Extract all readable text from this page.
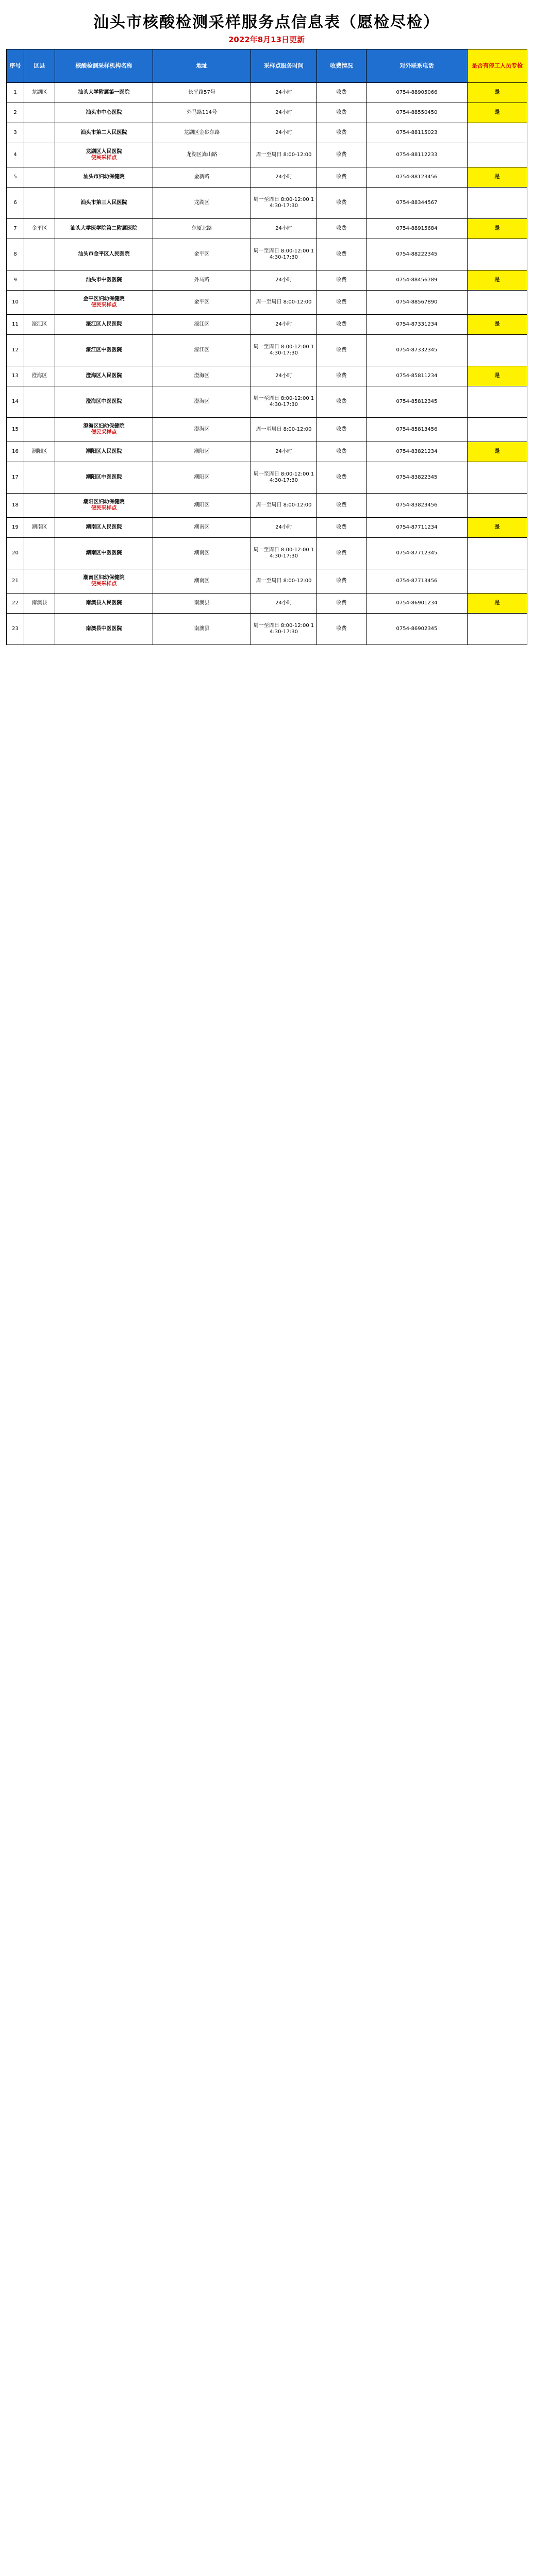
汕头市核酸检测采样服务点信息表（愿检尽检）
2022年8月13日更新
序号	区县	核酸检测采样机构名称	地址	采样点服务时间	收费情况	对外联系电话	是否有停工人员专检
1	龙湖区	汕头大学附属第一医院	长平路57号	24小时	收费	0754-88905066	是
2		汕头市中心医院	外马路114号	24小时	收费	0754-88550450	是
3		汕头市第二人民医院	龙湖区金砂东路	24小时	收费	0754-88115023	
4		龙湖区人民医院
便民采样点	龙湖区嵩山路	周一至周日 8:00-12:00	收费	0754-88112233	
5		汕头市妇幼保健院	金新路	24小时	收费	0754-88123456	是
6		汕头市第三人民医院	龙湖区	周一至周日 8:00-12:00 14:30-17:30	收费	0754-88344567	
7	金平区	汕头大学医学院第二附属医院	东厦北路	24小时	收费	0754-88915684	是
8		汕头市金平区人民医院	金平区	周一至周日 8:00-12:00 14:30-17:30	收费	0754-88222345	
9		汕头市中医医院	外马路	24小时	收费	0754-88456789	是
10		金平区妇幼保健院
便民采样点	金平区	周一至周日 8:00-12:00	收费	0754-88567890	
11	濠江区	濠江区人民医院	濠江区	24小时	收费	0754-87331234	是
12		濠江区中医医院	濠江区	周一至周日 8:00-12:00 14:30-17:30	收费	0754-87332345	
13	澄海区	澄海区人民医院	澄海区	24小时	收费	0754-85811234	是
14		澄海区中医医院	澄海区	周一至周日 8:00-12:00 14:30-17:30	收费	0754-85812345	
15		澄海区妇幼保健院
便民采样点	澄海区	周一至周日 8:00-12:00	收费	0754-85813456	
16	潮阳区	潮阳区人民医院	潮阳区	24小时	收费	0754-83821234	是
17		潮阳区中医医院	潮阳区	周一至周日 8:00-12:00 14:30-17:30	收费	0754-83822345	
18		潮阳区妇幼保健院
便民采样点	潮阳区	周一至周日 8:00-12:00	收费	0754-83823456	
19	潮南区	潮南区人民医院	潮南区	24小时	收费	0754-87711234	是
20		潮南区中医医院	潮南区	周一至周日 8:00-12:00 14:30-17:30	收费	0754-87712345	
21		潮南区妇幼保健院
便民采样点	潮南区	周一至周日 8:00-12:00	收费	0754-87713456	
22	南澳县	南澳县人民医院	南澳县	24小时	收费	0754-86901234	是
23		南澳县中医医院	南澳县	周一至周日 8:00-12:00 14:30-17:30	收费	0754-86902345	
